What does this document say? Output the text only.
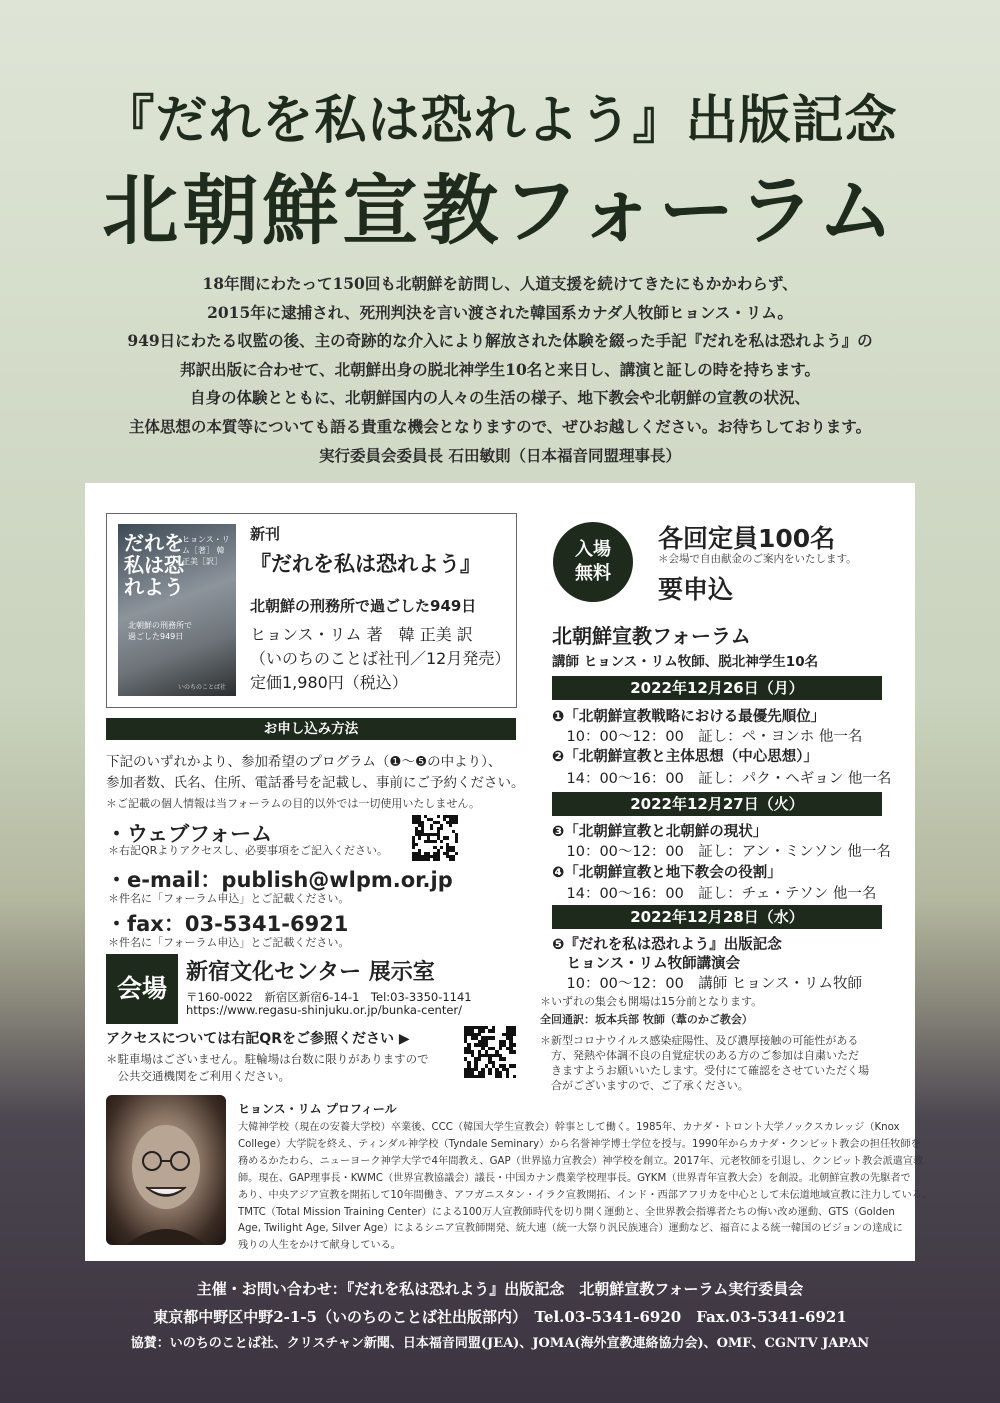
『だれを私は恐れよう』出版記念
北朝鮮宣教フォーラム
18年間にわたって150回も北朝鮮を訪問し、人道支援を続けてきたにもかかわらず、
2015年に逮捕され、死刑判決を言い渡された韓国系カナダ人牧師ヒョンス・リム。
949日にわたる収監の後、主の奇跡的な介入により解放された体験を綴った手記『だれを私は恐れよう』の
邦訳出版に合わせて、北朝鮮出身の脱北神学生10名と来日し、講演と証しの時を持ちます。
自身の体験とともに、北朝鮮国内の人々の生活の様子、地下教会や北朝鮮の宣教の状況、
主体思想の本質等についても語る貴重な機会となりますので、ぜひお越しください。お待ちしております。
実行委員会委員長 石田敏則（日本福音同盟理事長）
だれを私は恐れよう
ヒョンス・リム［著］ 韓正美［訳］
北朝鮮の刑務所で過ごした949日
いのちのことば社
新刊
『だれを私は恐れよう』
北朝鮮の刑務所で過ごした949日
ヒョンス・リム 著　韓 正美 訳
（いのちのことば社刊／12月発売）
定価1,980円（税込）
お申し込み方法
下記のいずれかより、参加希望のプログラム（❶〜❺の中より）、
参加者数、氏名、住所、電話番号を記載し、事前にご予約ください。
＊ご記載の個人情報は当フォーラムの目的以外では一切使用いたしません。
・ウェブフォーム
＊右記QRよりアクセスし、必要事項をご記入ください。
・e-mail：publish@wlpm.or.jp
＊件名に「フォーラム申込」とご記載ください。
・fax：03-5341-6921
＊件名に「フォーラム申込」とご記載ください。
会場
新宿文化センター 展示室
〒160-0022　新宿区新宿6-14-1　Tel:03-3350-1141
https://www.regasu-shinjuku.or.jp/bunka-center/
アクセスについては右記QRをご参照ください ▶
＊駐車場はございません。駐輪場は台数に限りがありますので
　公共交通機関をご利用ください。
入場
無料
各回定員100名
＊会場で自由献金のご案内をいたします。
要申込
北朝鮮宣教フォーラム
講師 ヒョンス・リム牧師、脱北神学生10名
2022年12月26日（月）
❶「北朝鮮宣教戦略における最優先順位」
　10：00〜12：00　証し：ペ・ヨンホ 他一名
❷「北朝鮮宣教と主体思想（中心思想）」
　14：00〜16：00　証し：パク・ヘギョン 他一名
2022年12月27日（火）
❸「北朝鮮宣教と北朝鮮の現状」
　10：00〜12：00　証し：アン・ミンソン 他一名
❹「北朝鮮宣教と地下教会の役割」
　14：00〜16：00　証し：チェ・テソン 他一名
2022年12月28日（水）
❺『だれを私は恐れよう』出版記念
　ヒョンス・リム牧師講演会
　10：00〜12：00　講師 ヒョンス・リム牧師
＊いずれの集会も開場は15分前となります。
全回通訳：坂本兵部 牧師（葦のかご教会）
＊新型コロナウイルス感染症陽性、及び濃厚接触の可能性がある
　方、発熱や体調不良の自覚症状のある方のご参加は自粛いただ
　きますようお願いいたします。受付にて確認をさせていただく場
　合がございますので、ご了承ください。
ヒョンス・リム プロフィール
大韓神学校（現在の安養大学校）卒業後、CCC（韓国大学生宣教会）幹事として働く。1985年、カナダ・トロント大学ノックスカレッジ（Knox
College）大学院を終え、ティンダル神学校（Tyndale Seminary）から名誉神学博士学位を授与。1990年からカナダ・クンビット教会の担任牧師を
務めるかたわら、ニューヨーク神学大学で4年間教え、GAP（世界協力宣教会）神学校を創立。2017年、元老牧師を引退し、クンビット教会派遣宣教
師。現在、GAP理事長・KWMC（世界宣教協議会）議長・中国カナン農業学校理事長。GYKM（世界青年宣教大会）を創設。北朝鮮宣教の先駆者で
あり、中央アジア宣教を開拓して10年間働き、アフガニスタン・イラク宣教開拓、インド・西部アフリカを中心として未伝道地域宣教に注力している。
TMTC（Total Mission Training Center）による100万人宣教師時代を切り開く運動と、全世界教会指導者たちの悔い改め運動、GTS（Golden
Age, Twilight Age, Silver Age）によるシニア宣教師開発、統大連（統一大祭り汎民族連合）運動など、福音による統一韓国のビジョンの達成に
残りの人生をかけて献身している。
主催・お問い合わせ：『だれを私は恐れよう』出版記念　北朝鮮宣教フォーラム実行委員会
東京都中野区中野2-1-5（いのちのことば社出版部内）　Tel.03-5341-6920　Fax.03-5341-6921
協賛：いのちのことば社、クリスチャン新聞、日本福音同盟(JEA)、JOMA(海外宣教連絡協力会)、OMF、CGNTV JAPAN
